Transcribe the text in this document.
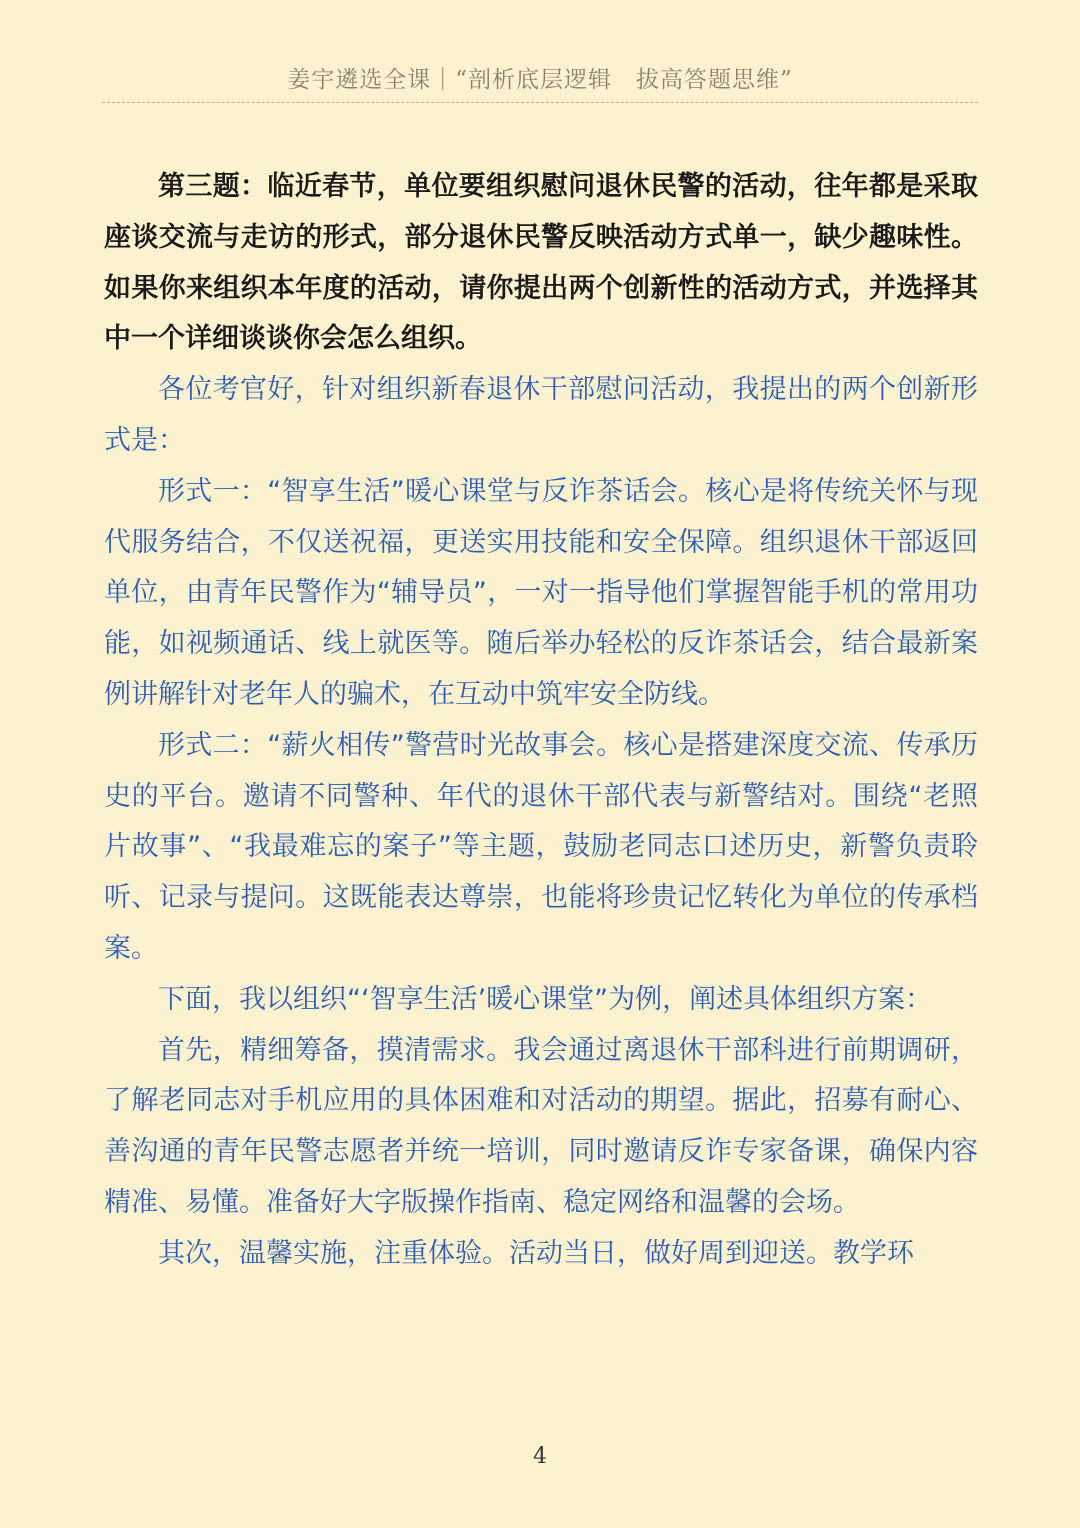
姜宇遴选全课｜“剖析底层逻辑　拔高答题思维”

第三题：临近春节，单位要组织慰问退休民警的活动，往年都是采取座谈交流与走访的形式，部分退休民警反映活动方式单一，缺少趣味性。如果你来组织本年度的活动，请你提出两个创新性的活动方式，并选择其中一个详细谈谈你会怎么组织。

各位考官好，针对组织新春退休干部慰问活动，我提出的两个创新形式是：

形式一：“智享生活”暖心课堂与反诈茶话会。核心是将传统关怀与现代服务结合，不仅送祝福，更送实用技能和安全保障。组织退休干部返回单位，由青年民警作为“辅导员”，一对一指导他们掌握智能手机的常用功能，如视频通话、线上就医等。随后举办轻松的反诈茶话会，结合最新案例讲解针对老年人的骗术，在互动中筑牢安全防线。

形式二：“薪火相传”警营时光故事会。核心是搭建深度交流、传承历史的平台。邀请不同警种、年代的退休干部代表与新警结对。围绕“老照片故事”、“我最难忘的案子”等主题，鼓励老同志口述历史，新警负责聆听、记录与提问。这既能表达尊崇，也能将珍贵记忆转化为单位的传承档案。

下面，我以组织“‘智享生活’暖心课堂”为例，阐述具体组织方案：

首先，精细筹备，摸清需求。我会通过离退休干部科进行前期调研，了解老同志对手机应用的具体困难和对活动的期望。据此，招募有耐心、善沟通的青年民警志愿者并统一培训，同时邀请反诈专家备课，确保内容精准、易懂。准备好大字版操作指南、稳定网络和温馨的会场。

其次，温馨实施，注重体验。活动当日，做好周到迎送。教学环

4
